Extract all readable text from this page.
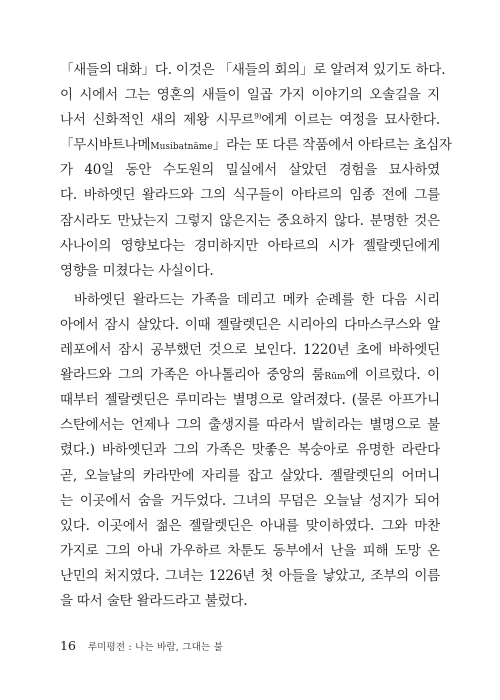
「새들의 대화」다. 이것은 「새들의 회의」로 알려져 있기도 하다.
이 시에서 그는 영혼의 새들이 일곱 가지 이야기의 오솔길을 지
나서 신화적인 새의 제왕 시무르$^{9)}$에게 이르는 여정을 묘사한다.
「무시바트나메Musibatnāme」라는 또 다른 작품에서 아타르는 초심자
가 40일 동안 수도원의 밀실에서 살았던 경험을 묘사하였
다. 바하엣딘 왈라드와 그의 식구들이 아타르의 임종 전에 그를
잠시라도 만났는지 그렇지 않은지는 중요하지 않다. 분명한 것은
사나이의 영향보다는 경미하지만 아타르의 시가 젤랄렛딘에게
영향을 미쳤다는 사실이다.
바하엣딘 왈라드는 가족을 데리고 메카 순례를 한 다음 시리
아에서 잠시 살았다. 이때 젤랄렛딘은 시리아의 다마스쿠스와 알
레포에서 잠시 공부했던 것으로 보인다. 1220년 초에 바하엣딘
왈라드와 그의 가족은 아나톨리아 중앙의 룸Rūm에 이르렀다. 이
때부터 젤랄렛딘은 루미라는 별명으로 알려졌다. (물론 아프가니
스탄에서는 언제나 그의 출생지를 따라서 발히라는 별명으로 불
렸다.) 바하엣딘과 그의 가족은 맛좋은 복숭아로 유명한 라란다
곧, 오늘날의 카라만에 자리를 잡고 살았다. 젤랄렛딘의 어머니
는 이곳에서 숨을 거두었다. 그녀의 무덤은 오늘날 성지가 되어
있다. 이곳에서 젊은 젤랄렛딘은 아내를 맞이하였다. 그와 마찬
가지로 그의 아내 가우하르 차툰도 동부에서 난을 피해 도망 온
난민의 처지였다. 그녀는 1226년 첫 아들을 낳았고, 조부의 이름
을 따서 술탄 왈라드라고 불렀다.
16 루미평전 : 나는 바람, 그대는 불
